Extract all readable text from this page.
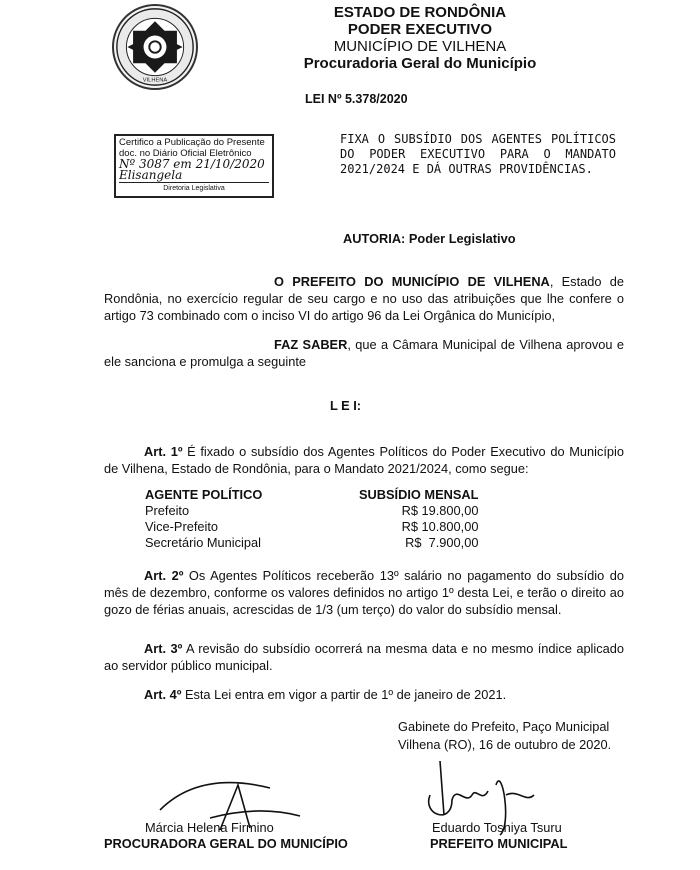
VILHENA
ESTADO DE RONDÔNIA
PODER EXECUTIVO
MUNICÍPIO DE VILHENA
Procuradoria Geral do Município
LEI Nº 5.378/2020
Certifico a Publicação do Presente
doc. no Diário Oficial Eletrônico
Nº 3087 em 21/10/2020
Elisangela
Diretoria Legislativa
FIXA O SUBSÍDIO DOS AGENTES POLÍTICOS DO PODER EXECUTIVO PARA O MANDATO 2021/2024 E DÁ OUTRAS PROVIDÊNCIAS.
AUTORIA: Poder Legislativo
O PREFEITO DO MUNICÍPIO DE VILHENA, Estado de Rondônia, no exercício regular de seu cargo e no uso das atribuições que lhe confere o artigo 73 combinado com o inciso VI do artigo 96 da Lei Orgânica do Município,
FAZ SABER, que a Câmara Municipal de Vilhena aprovou e ele sanciona e promulga a seguinte
L E I:
Art. 1º É fixado o subsídio dos Agentes Políticos do Poder Executivo do Município de Vilhena, Estado de Rondônia, para o Mandato 2021/2024, como segue:
AGENTE POLÍTICO	SUBSÍDIO MENSAL
Prefeito	R$ 19.800,00
Vice-Prefeito	R$ 10.800,00
Secretário Municipal	R$  7.900,00
Art. 2º Os Agentes Políticos receberão 13º salário no pagamento do subsídio do mês de dezembro, conforme os valores definidos no artigo 1º desta Lei, e terão o direito ao gozo de férias anuais, acrescidas de 1/3 (um terço) do valor do subsídio mensal.
Art. 3º A revisão do subsídio ocorrerá na mesma data e no mesmo índice aplicado ao servidor público municipal.
Art. 4º Esta Lei entra em vigor a partir de 1º de janeiro de 2021.
Gabinete do Prefeito, Paço Municipal
Vilhena (RO), 16 de outubro de 2020.
Márcia Helena Firmino
PROCURADORA GERAL DO MUNICÍPIO
Eduardo Toshiya Tsuru
PREFEITO MUNICIPAL
